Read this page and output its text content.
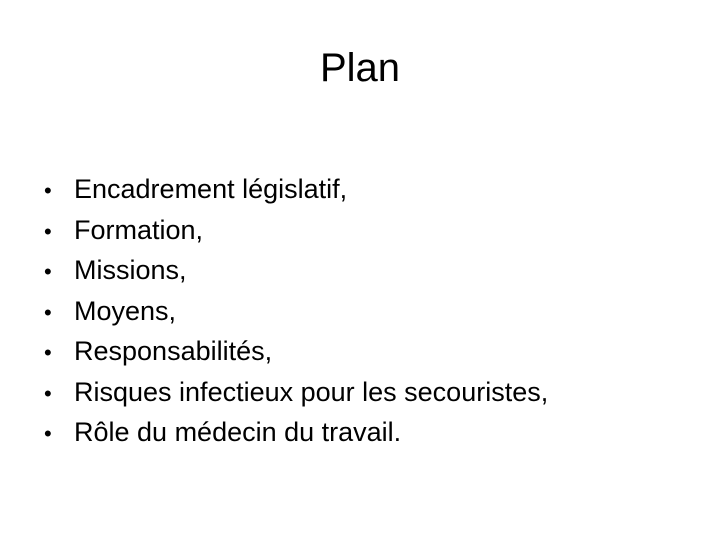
Plan
• Encadrement législatif,
• Formation,
• Missions,
• Moyens,
• Responsabilités,
• Risques infectieux pour les secouristes,
• Rôle du médecin du travail.
